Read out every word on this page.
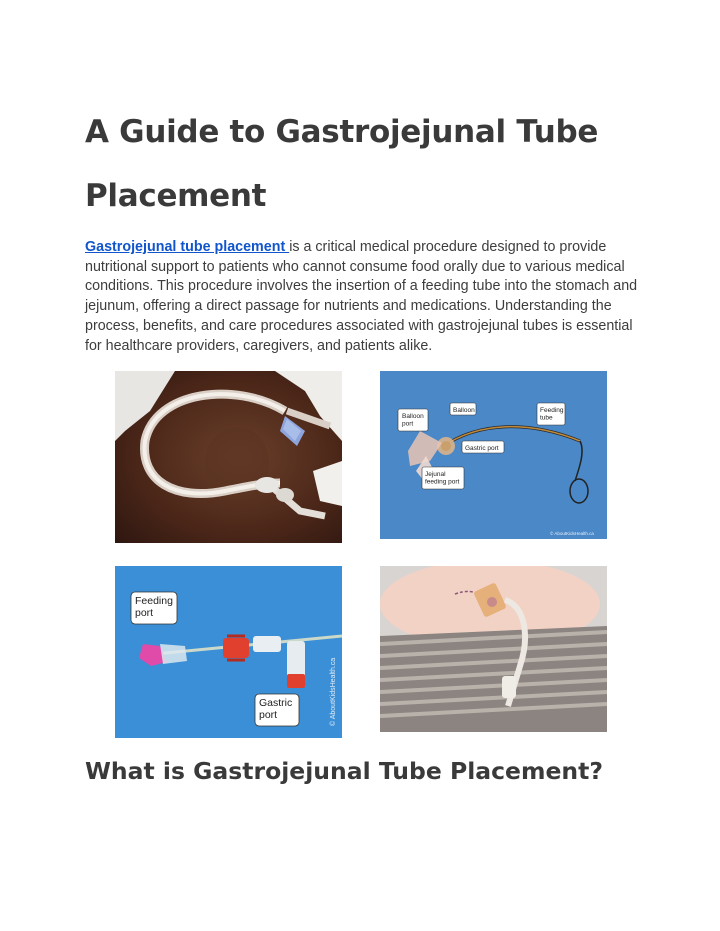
A Guide to Gastrojejunal Tube Placement

Gastrojejunal tube placement is a critical medical procedure designed to provide nutritional support to patients who cannot consume food orally due to various medical conditions. This procedure involves the insertion of a feeding tube into the stomach and jejunum, offering a direct passage for nutrients and medications. Understanding the process, benefits, and care procedures associated with gastrojejunal tubes is essential for healthcare providers, caregivers, and patients alike.

Balloon port
Balloon	Feeding tube
Gastric port
Jejunal feeding port
© AboutKidsHealth.ca
Feeding port
Gastric port	© AboutKidsHealth.ca
What is Gastrojejunal Tube Placement?
